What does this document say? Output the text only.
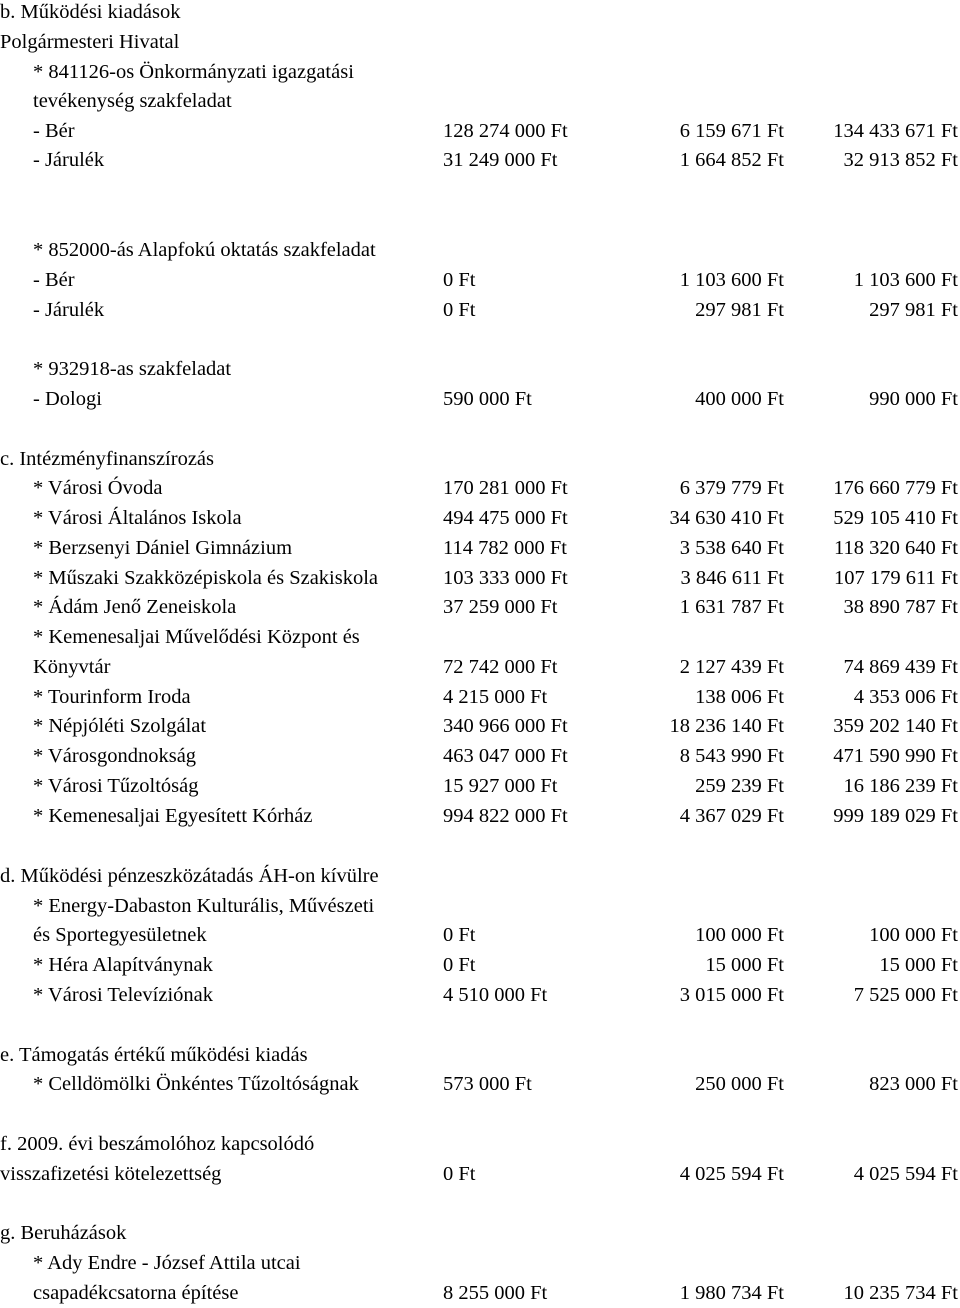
b. Működési kiadások
Polgármesteri Hivatal
* 841126-os Önkormányzati igazgatási
tevékenység szakfeladat
- Bér	128 274 000 Ft	6 159 671 Ft 134 433 671 Ft
- Járulék	31 249 000 Ft	1 664 852 Ft	32 913 852 Ft
* 852000-ás Alapfokú oktatás szakfeladat
- Bér	0 Ft	1 103 600 Ft	1 103 600 Ft
- Járulék	0 Ft	297 981 Ft	297 981 Ft
* 932918-as szakfeladat
- Dologi	590 000 Ft	400 000 Ft	990 000 Ft
c. Intézményfinanszírozás
* Városi Óvoda	170 281 000 Ft	6 379 779 Ft 176 660 779 Ft
* Városi Általános Iskola	494 475 000 Ft	34 630 410 Ft 529 105 410 Ft
* Berzsenyi Dániel Gimnázium	114 782 000 Ft	3 538 640 Ft 118 320 640 Ft
* Műszaki Szakközépiskola és Szakiskola	103 333 000 Ft	3 846 611 Ft 107 179 611 Ft
* Ádám Jenő Zeneiskola	37 259 000 Ft	1 631 787 Ft	38 890 787 Ft
* Kemenesaljai Művelődési Központ és
Könyvtár	72 742 000 Ft	2 127 439 Ft	74 869 439 Ft
* Tourinform Iroda	4 215 000 Ft	138 006 Ft	4 353 006 Ft
* Népjóléti Szolgálat	340 966 000 Ft	18 236 140 Ft 359 202 140 Ft
* Városgondnokság	463 047 000 Ft	8 543 990 Ft 471 590 990 Ft
* Városi Tűzoltóság	15 927 000 Ft	259 239 Ft	16 186 239 Ft
* Kemenesaljai Egyesített Kórház	994 822 000 Ft	4 367 029 Ft 999 189 029 Ft
d. Működési pénzeszközátadás ÁH-on kívülre
* Energy-Dabaston Kulturális, Művészeti
és Sportegyesületnek	0 Ft	100 000 Ft	100 000 Ft
* Héra Alapítványnak	0 Ft	15 000 Ft	15 000 Ft
* Városi Televíziónak	4 510 000 Ft	3 015 000 Ft	7 525 000 Ft
e. Támogatás értékű működési kiadás
* Celldömölki Önkéntes Tűzoltóságnak	573 000 Ft	250 000 Ft	823 000 Ft
f. 2009. évi beszámolóhoz kapcsolódó
visszafizetési kötelezettség	0 Ft	4 025 594 Ft	4 025 594 Ft
g. Beruházások
* Ady Endre - József Attila utcai
csapadékcsatorna építése	8 255 000 Ft	1 980 734 Ft	10 235 734 Ft
